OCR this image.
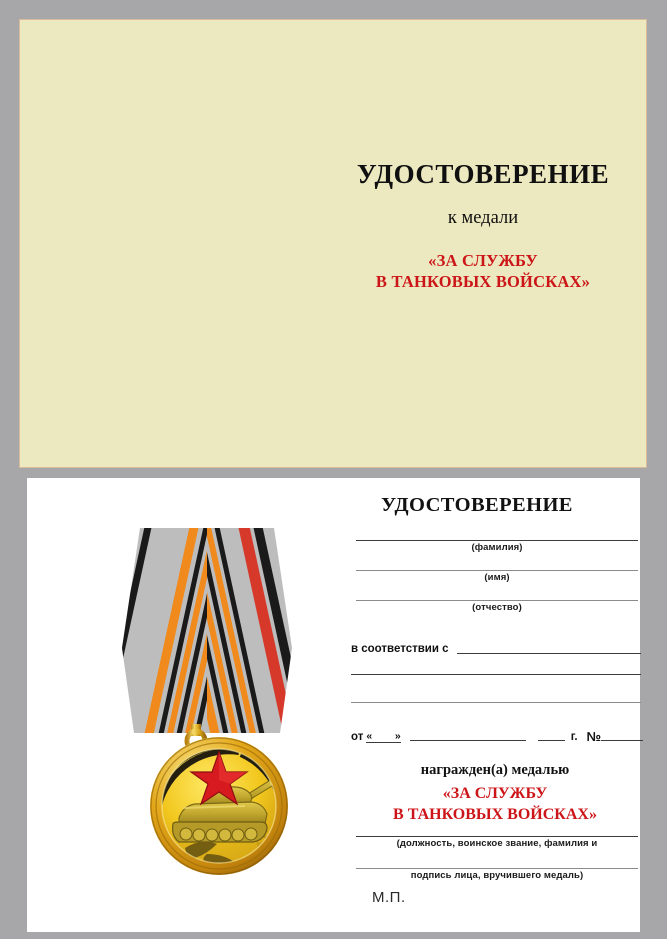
УДОСТОВЕРЕНИЕ
к медали
«ЗА СЛУЖБУ
В ТАНКОВЫХ ВОЙСКАХ»
УДОСТОВЕРЕНИЕ
(фамилия)
(имя)
(отчество)
в соответствии с
от « »	г. №
награжден(а) медалью
«ЗА СЛУЖБУ
В ТАНКОВЫХ ВОЙСКАХ»
(должность, воинское звание, фамилия и
подпись лица, вручившего медаль)
М.П.
